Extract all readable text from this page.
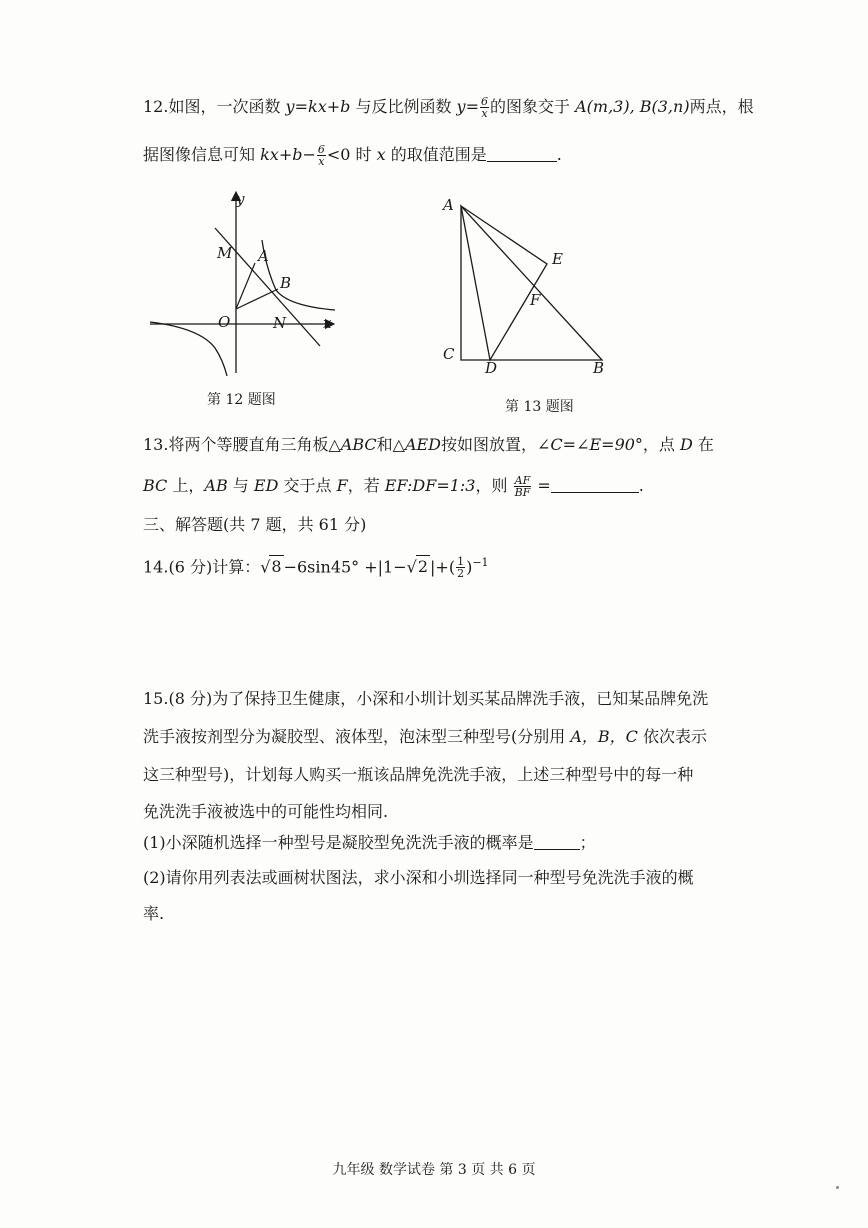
12.如图，一次函数 y=kx+b 与反比例函数 $y= \frac{6}{x}$ 的图象交于 A(m,3), B(3,n)两点，根
据图像信息可知 $kx+b- \frac{6}{x} <0$ 时 x 的取值范围是	.
y
x
M A
B
O	N
第 12 题图
A
E
F
C
D	B
第 13 题图
13.将两个等腰直角三角板△ABC和△AED按如图放置，∠C=∠E=90°，点 D 在
BC 上，AB 与 ED 交于点 F，若 EF:DF=1:3，则 $\frac{AF}{BF}$ =	.
三、解答题(共 7 题，共 61 分)
14.(6 分)计算：√8 −6sin45° +|1−√2 |+( $\frac{1}{2} )^{-1}$
15.(8 分)为了保持卫生健康，小深和小圳计划买某品牌洗手液，已知某品牌免洗
洗手液按剂型分为凝胶型、液体型，泡沫型三种型号(分别用 A，B，C 依次表示
这三种型号)，计划每人购买一瓶该品牌免洗洗手液，上述三种型号中的每一种
免洗洗手液被选中的可能性均相同.
(1)小深随机选择一种型号是凝胶型免洗洗手液的概率是	；
(2)请你用列表法或画树状图法，求小深和小圳选择同一种型号免洗洗手液的概
率.
九年级 数学试卷 第 3 页 共 6 页
